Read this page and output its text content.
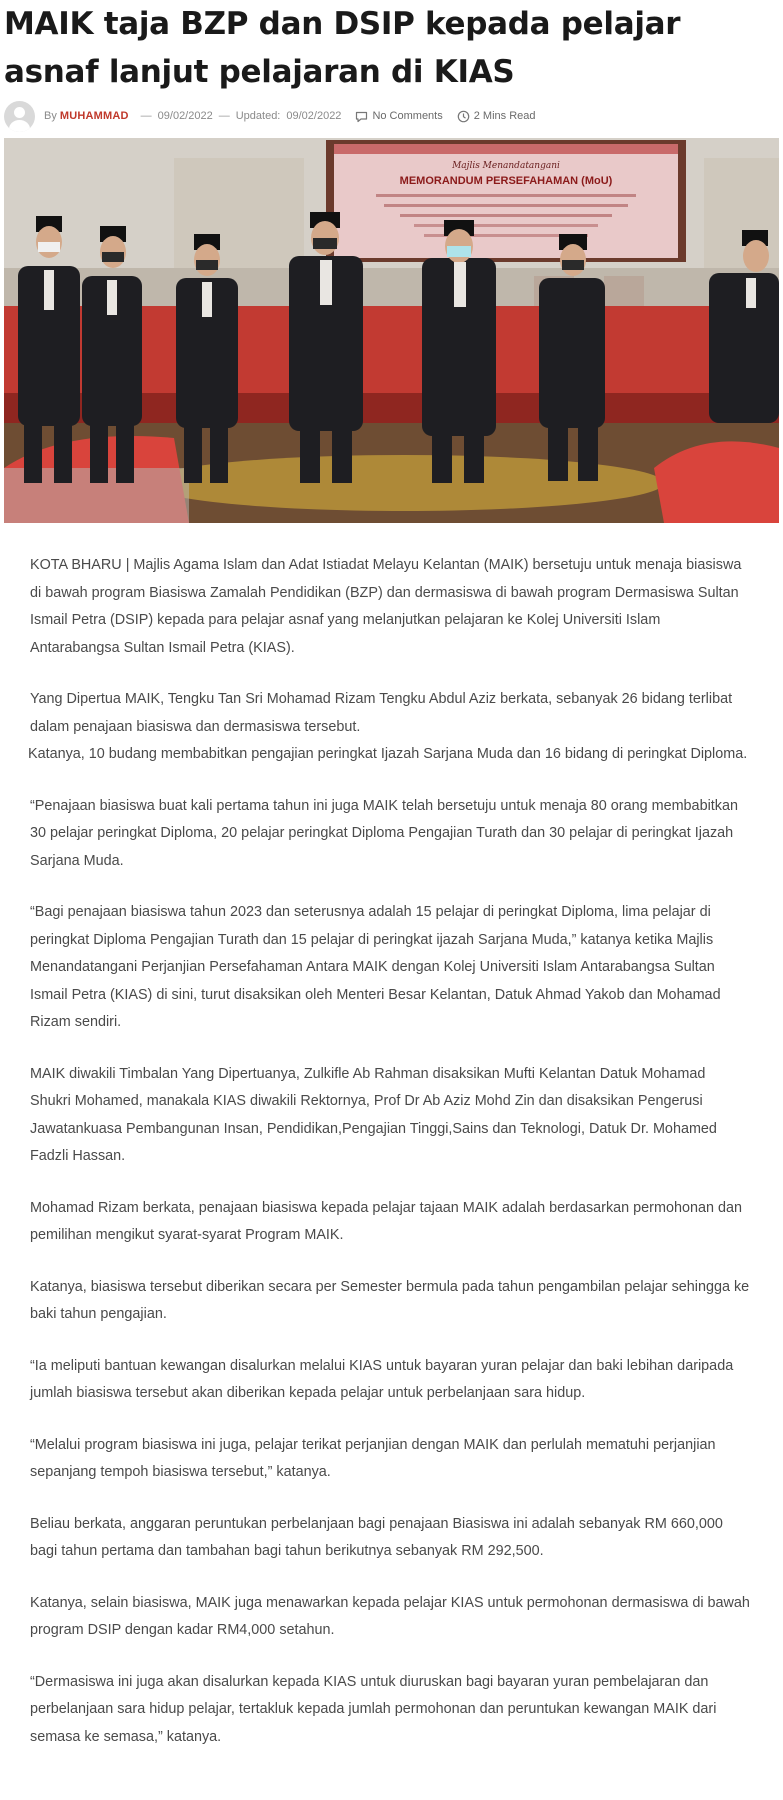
MAIK taja BZP dan DSIP kepada pelajar asnaf lanjut pelajaran di KIAS
By MUHAMMAD — 09/02/2022 — Updated: 09/02/2022	No Comments	2 Mins Read
Majlis Menandatangani
MEMORANDUM PERSEFAHAMAN (MoU)

KOTA BHARU | Majlis Agama Islam dan Adat Istiadat Melayu Kelantan (MAIK) bersetuju untuk menaja biasiswa di bawah program Biasiswa Zamalah Pendidikan (BZP) dan dermasiswa di bawah program Dermasiswa Sultan Ismail Petra (DSIP) kepada para pelajar asnaf yang melanjutkan pelajaran ke Kolej Universiti Islam Antarabangsa Sultan Ismail Petra (KIAS).

Yang Dipertua MAIK, Tengku Tan Sri Mohamad Rizam Tengku Abdul Aziz berkata, sebanyak 26 bidang terlibat dalam penajaan biasiswa dan dermasiswa tersebut.

Katanya, 10 budang membabitkan pengajian peringkat Ijazah Sarjana Muda dan 16 bidang di peringkat Diploma.

“Penajaan biasiswa buat kali pertama tahun ini juga MAIK telah bersetuju untuk menaja 80 orang membabitkan 30 pelajar peringkat Diploma, 20 pelajar peringkat Diploma Pengajian Turath dan 30 pelajar di peringkat Ijazah Sarjana Muda.

“Bagi penajaan biasiswa tahun 2023 dan seterusnya adalah 15 pelajar di peringkat Diploma, lima pelajar di peringkat Diploma Pengajian Turath dan 15 pelajar di peringkat ijazah Sarjana Muda,” katanya ketika Majlis Menandatangani Perjanjian Persefahaman Antara MAIK dengan Kolej Universiti Islam Antarabangsa Sultan Ismail Petra (KIAS) di sini, turut disaksikan oleh Menteri Besar Kelantan, Datuk Ahmad Yakob dan Mohamad Rizam sendiri.

MAIK diwakili Timbalan Yang Dipertuanya, Zulkifle Ab Rahman disaksikan Mufti Kelantan Datuk Mohamad Shukri Mohamed, manakala KIAS diwakili Rektornya, Prof Dr Ab Aziz Mohd Zin dan disaksikan Pengerusi Jawatankuasa Pembangunan Insan, Pendidikan,Pengajian Tinggi,Sains dan Teknologi, Datuk Dr. Mohamed Fadzli Hassan.

Mohamad Rizam berkata, penajaan biasiswa kepada pelajar tajaan MAIK adalah berdasarkan permohonan dan pemilihan mengikut syarat-syarat Program MAIK.

Katanya, biasiswa tersebut diberikan secara per Semester bermula pada tahun pengambilan pelajar sehingga ke baki tahun pengajian.

“Ia meliputi bantuan kewangan disalurkan melalui KIAS untuk bayaran yuran pelajar dan baki lebihan daripada jumlah biasiswa tersebut akan diberikan kepada pelajar untuk perbelanjaan sara hidup.

“Melalui program biasiswa ini juga, pelajar terikat perjanjian dengan MAIK dan perlulah mematuhi perjanjian sepanjang tempoh biasiswa tersebut,” katanya.

Beliau berkata, anggaran peruntukan perbelanjaan bagi penajaan Biasiswa ini adalah sebanyak RM 660,000 bagi tahun pertama dan tambahan bagi tahun berikutnya sebanyak RM 292,500.

Katanya, selain biasiswa, MAIK juga menawarkan kepada pelajar KIAS untuk permohonan dermasiswa di bawah program DSIP dengan kadar RM4,000 setahun.

“Dermasiswa ini juga akan disalurkan kepada KIAS untuk diuruskan bagi bayaran yuran pembelajaran dan perbelanjaan sara hidup pelajar, tertakluk kepada jumlah permohonan dan peruntukan kewangan MAIK dari semasa ke semasa,” katanya.
